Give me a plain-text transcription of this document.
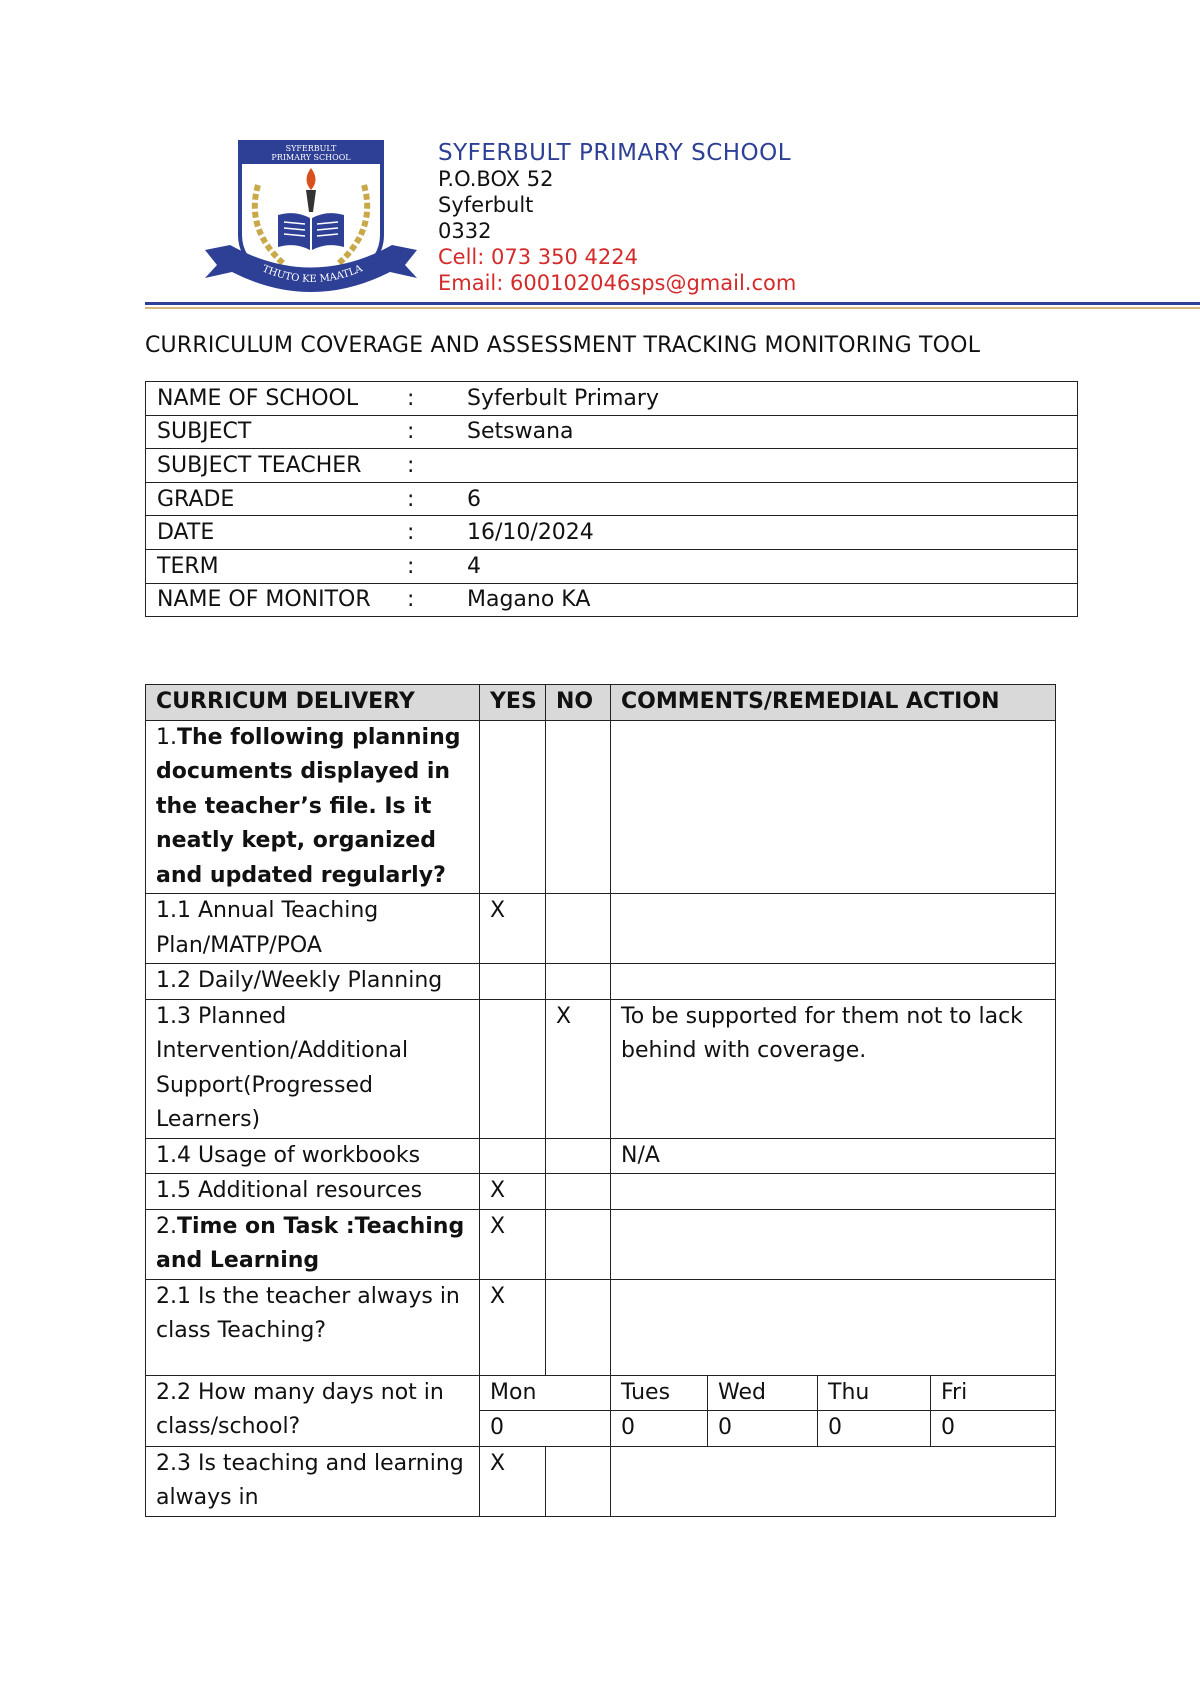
SYFERBULT
PRIMARY SCHOOL
THUTO KE MAATLA
SYFERBULT PRIMARY SCHOOL
P.O.BOX 52
Syferbult
0332
Cell: 073 350 4224
Email: 600102046sps@gmail.com
CURRICULUM COVERAGE AND ASSESSMENT TRACKING MONITORING TOOL
NAME OF SCHOOL : Syferbult Primary
SUBJECT	: Setswana
SUBJECT TEACHER :
GRADE	: 6
DATE	: 16/10/2024
TERM	: 4
NAME OF MONITOR : Magano KA
CURRICUM DELIVERY	YES	NO	COMMENTS/REMEDIAL ACTION			
1.The following planning documents displayed in the teacher’s file. Is it neatly kept, organized and updated regularly?						
1.1 Annual Teaching Plan/MATP/POA	X					
1.2 Daily/Weekly Planning						
1.3 Planned Intervention/Additional Support(Progressed Learners)		X	To be supported for them not to lack behind with coverage.			
1.4 Usage of workbooks			N/A			
1.5 Additional resources	X					
2.Time on Task :Teaching and Learning	X					
2.1 Is the teacher always in class Teaching?	X					
2.2 How many days not in class/school?	Mon		Tues	Wed	Thu	Fri
	0		0	0	0	0
2.3 Is teaching and learning always in	X					
